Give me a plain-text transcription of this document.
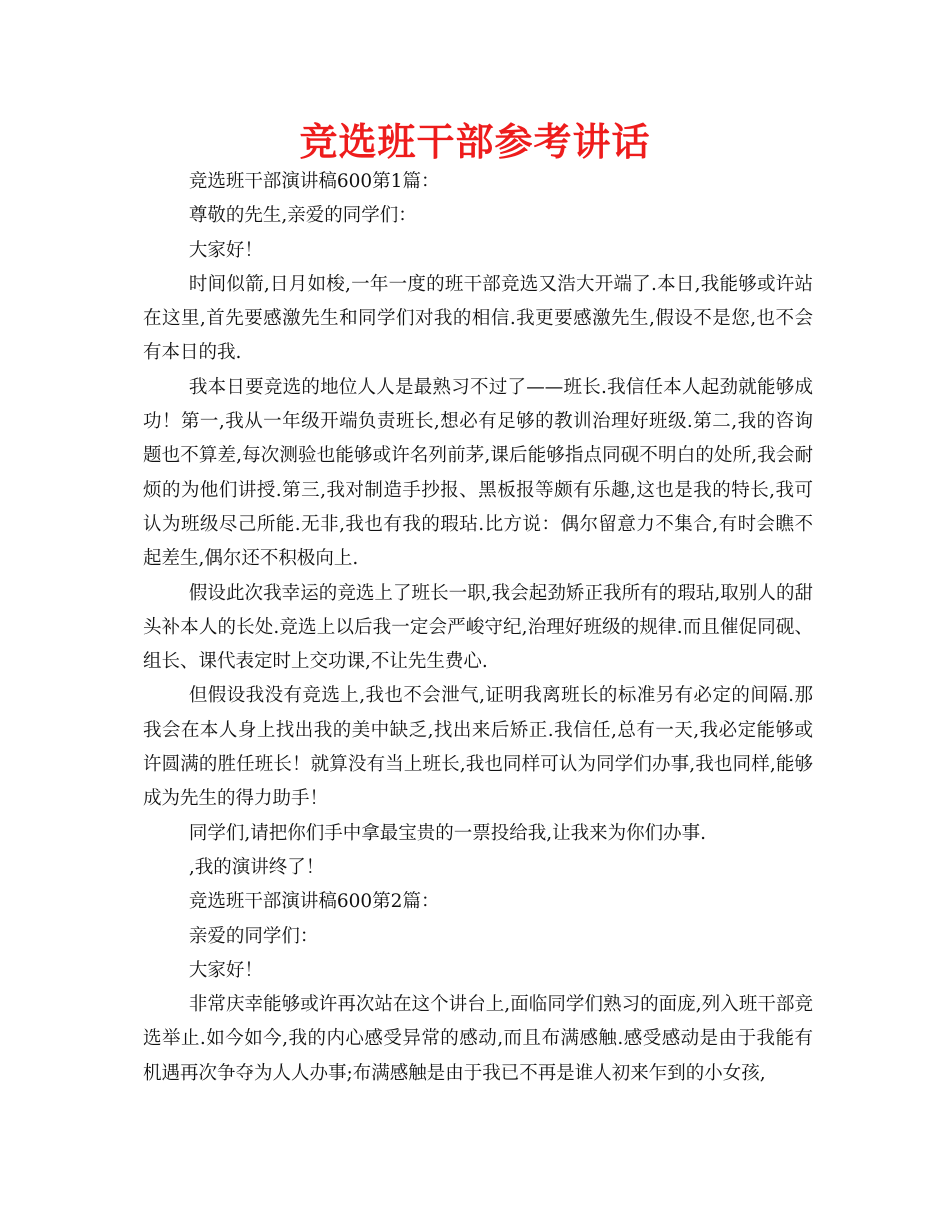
竞选班干部参考讲话

竞选班干部演讲稿600第1篇：

尊敬的先生,亲爱的同学们：

大家好！

时间似箭,日月如梭,一年一度的班干部竞选又浩大开端了.本日,我能够或许站在这里,首先要感激先生和同学们对我的相信.我更要感激先生,假设不是您,也不会有本日的我.

我本日要竞选的地位人人是最熟习不过了——班长.我信任本人起劲就能够成功！第一,我从一年级开端负责班长,想必有足够的教训治理好班级.第二,我的咨询题也不算差,每次测验也能够或许名列前茅,课后能够指点同砚不明白的处所,我会耐烦的为他们讲授.第三,我对制造手抄报、黑板报等颇有乐趣,这也是我的特长,我可认为班级尽己所能.无非,我也有我的瑕玷.比方说：偶尔留意力不集合,有时会瞧不起差生,偶尔还不积极向上.

假设此次我幸运的竞选上了班长一职,我会起劲矫正我所有的瑕玷,取别人的甜头补本人的长处.竞选上以后我一定会严峻守纪,治理好班级的规律.而且催促同砚、组长、课代表定时上交功课,不让先生费心.

但假设我没有竞选上,我也不会泄气,证明我离班长的标准另有必定的间隔.那我会在本人身上找出我的美中缺乏,找出来后矫正.我信任,总有一天,我必定能够或许圆满的胜任班长！就算没有当上班长,我也同样可认为同学们办事,我也同样,能够成为先生的得力助手！

同学们,请把你们手中拿最宝贵的一票投给我,让我来为你们办事.

,我的演讲终了！

竞选班干部演讲稿600第2篇：

亲爱的同学们：

大家好！

非常庆幸能够或许再次站在这个讲台上,面临同学们熟习的面庞,列入班干部竞选举止.如今如今,我的内心感受异常的感动,而且布满感触.感受感动是由于我能有机遇再次争夺为人人办事;布满感触是由于我已不再是谁人初来乍到的小女孩,
